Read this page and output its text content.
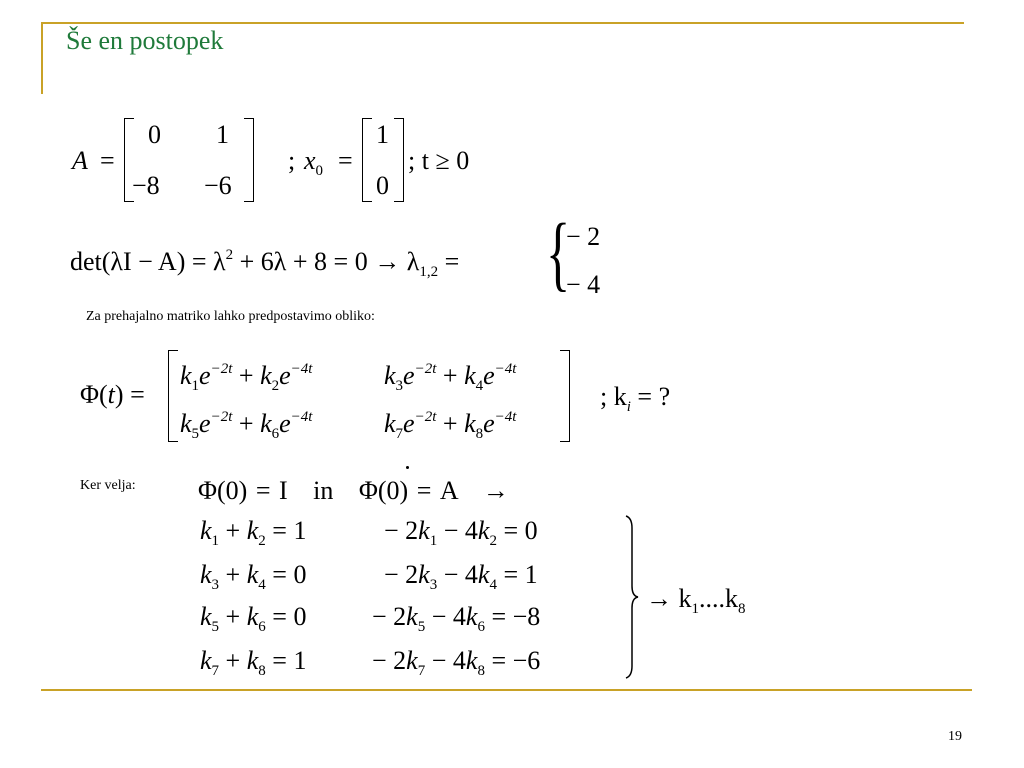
Še en postopek
A =
0 1
−8 −6
; $x_0$ =
1
0
; t ≥ 0
$\det(\lambda I - A) = \lambda^2 + 6\lambda + 8 = 0 \to \lambda_{1,2}$ = {
− 2
− 4
Za prehajalno matriko lahko predpostavimo obliko:
Φ(t) =
$k_1e^{-2t} + k_2e^{-4t}$	$k_3e^{-2t} + k_4e^{-4t}$
$k_5e^{-2t} + k_6e^{-4t}$	$k_7e^{-2t} + k_8e^{-4t}$
; $k_i$ = ?
Ker velja: Φ(0) = I   in   Φ(0) = A   →
$k_1 + k_2 = 1$
$k_3 + k_4 = 0$
$k_5 + k_6 = 0$
$k_7 + k_8 = 1$
− $2k_1 - 4k_2 = 0$
− $2k_3 - 4k_4 = 1$
− $2k_5 - 4k_6 = -8$
− $2k_7 - 4k_8 = -6$
→ $k_1....k_8$
19
